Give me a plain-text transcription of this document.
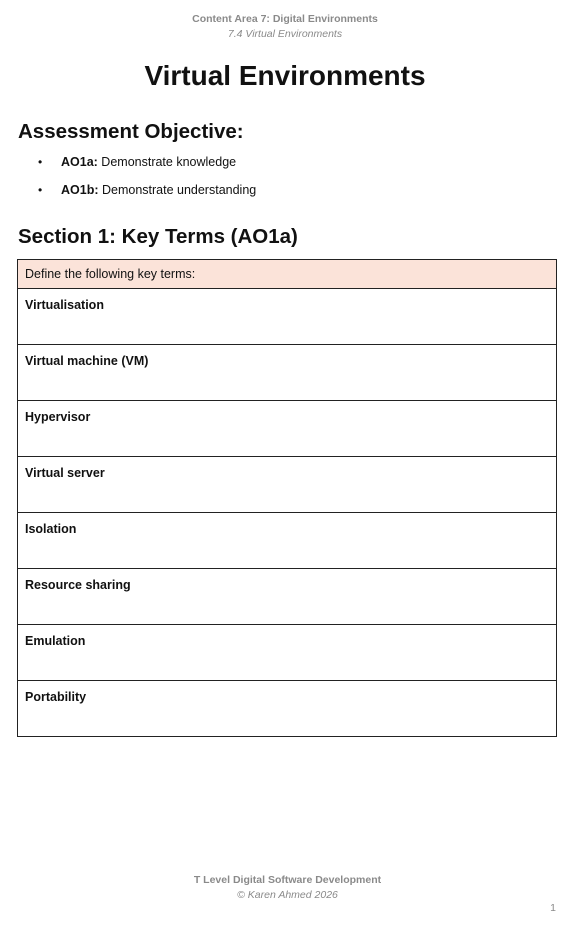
Content Area 7: Digital Environments
7.4 Virtual Environments
Virtual Environments
Assessment Objective:
• AO1a: Demonstrate knowledge
• AO1b: Demonstrate understanding
Section 1: Key Terms (AO1a)
Define the following key terms:
Virtualisation
Virtual machine (VM)
Hypervisor
Virtual server
Isolation
Resource sharing
Emulation
Portability
T Level Digital Software Development
© Karen Ahmed 2026
1
